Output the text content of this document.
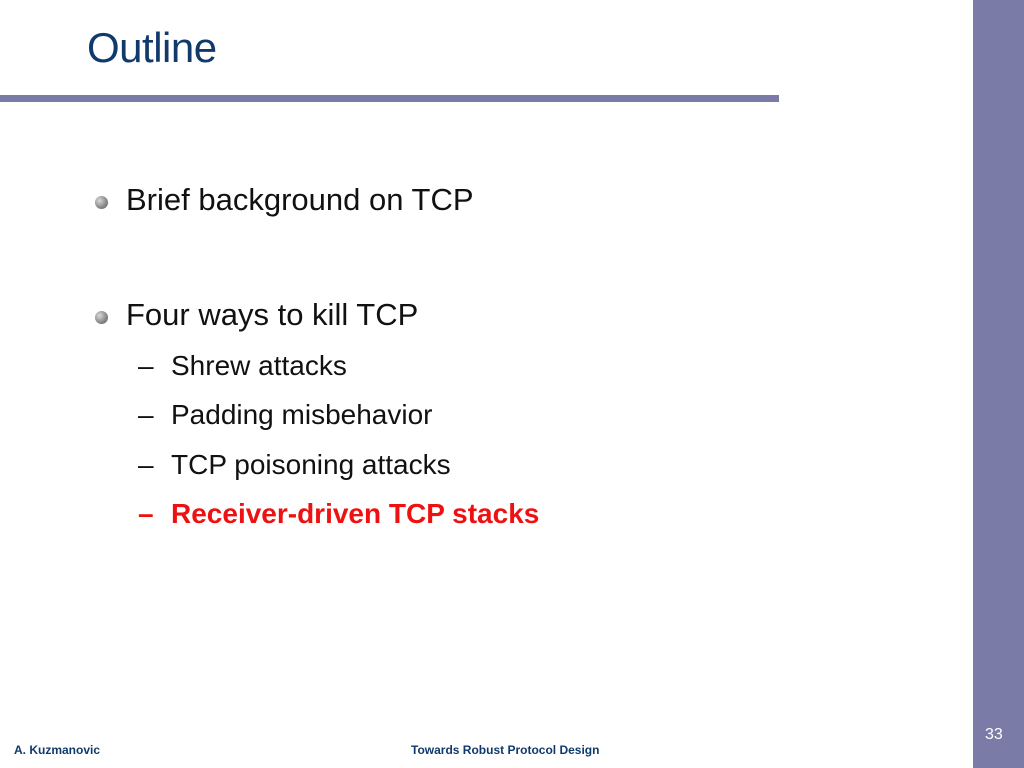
Outline
Brief background on TCP
Four ways to kill TCP
– Shrew attacks
– Padding misbehavior
– TCP poisoning attacks
– Receiver-driven TCP stacks
A. Kuzmanovic	Towards Robust Protocol Design
33
